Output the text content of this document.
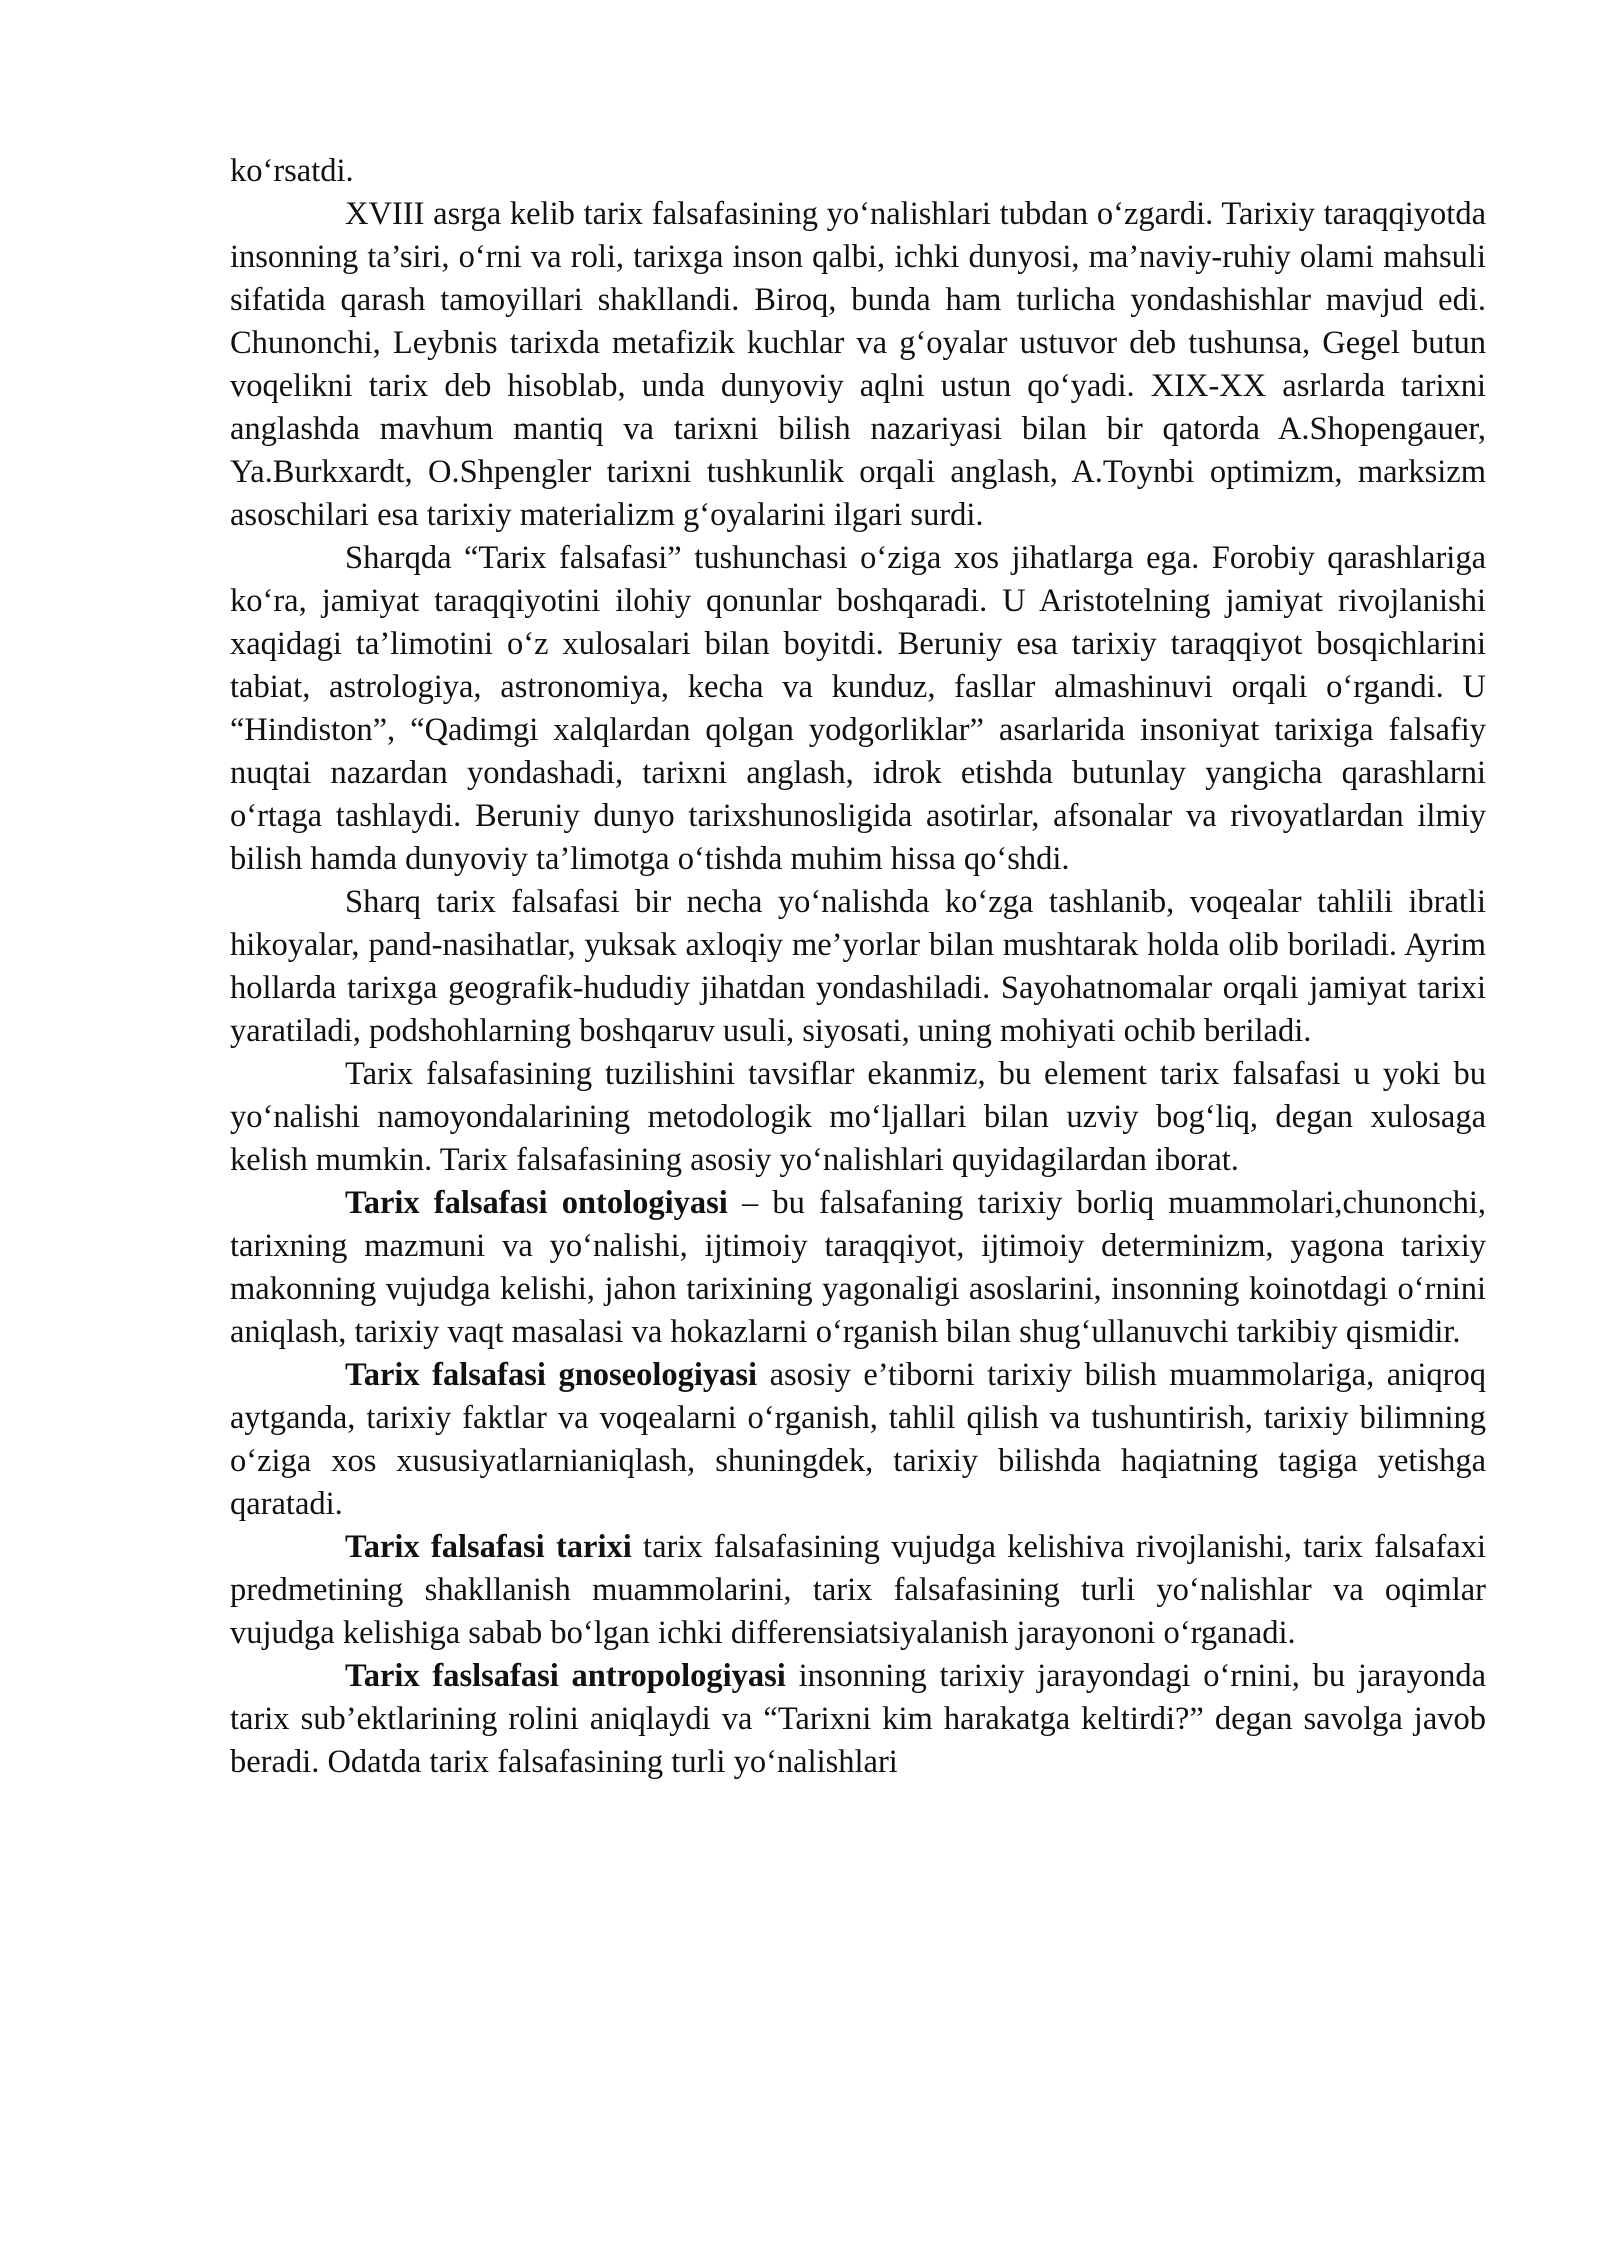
ko‘rsatdi.

XVIII asrga kelib tarix falsafasining yo‘nalishlari tubdan o‘zgardi. Tarixiy taraqqiyotda insonning ta’siri, o‘rni va roli, tarixga inson qalbi, ichki dunyosi, ma’naviy-ruhiy olami mahsuli sifatida qarash tamoyillari shakllandi. Biroq, bunda ham turlicha yondashishlar mavjud edi. Chunonchi, Leybnis tarixda metafizik kuchlar va g‘oyalar ustuvor deb tushunsa, Gegel butun voqelikni tarix deb hisoblab, unda dunyoviy aqlni ustun qo‘yadi. XIX-XX asrlarda tarixni anglashda mavhum mantiq va tarixni bilish nazariyasi bilan bir qatorda A.Shopengauer, Ya.Burkxardt, O.Shpengler tarixni tushkunlik orqali anglash, A.Toynbi optimizm, marksizm asoschilari esa tarixiy materializm g‘oyalarini ilgari surdi.

Sharqda “Tarix falsafasi” tushunchasi o‘ziga xos jihatlarga ega. Forobiy qarashlariga ko‘ra, jamiyat taraqqiyotini ilohiy qonunlar boshqaradi. U Aristotelning jamiyat rivojlanishi xaqidagi ta’limotini o‘z xulosalari bilan boyitdi. Beruniy esa tarixiy taraqqiyot bosqichlarini tabiat, astrologiya, astronomiya, kecha va kunduz, fasllar almashinuvi orqali o‘rgandi. U “Hindiston”, “Qadimgi xalqlardan qolgan yodgorliklar” asarlarida insoniyat tarixiga falsafiy nuqtai nazardan yondashadi, tarixni anglash, idrok etishda butunlay yangicha qarashlarni o‘rtaga tashlaydi. Beruniy dunyo tarixshunosligida asotirlar, afsonalar va rivoyatlardan ilmiy bilish hamda dunyoviy ta’limotga o‘tishda muhim hissa qo‘shdi.

Sharq tarix falsafasi bir necha yo‘nalishda ko‘zga tashlanib, voqealar tahlili ibratli hikoyalar, pand-nasihatlar, yuksak axloqiy me’yorlar bilan mushtarak holda olib boriladi. Ayrim hollarda tarixga geografik-hududiy jihatdan yondashiladi. Sayohatnomalar orqali jamiyat tarixi yaratiladi, podshohlarning boshqaruv usuli, siyosati, uning mohiyati ochib beriladi.

Tarix falsafasining tuzilishini tavsiflar ekanmiz, bu element tarix falsafasi u yoki bu yo‘nalishi namoyondalarining metodologik mo‘ljallari bilan uzviy bog‘liq, degan xulosaga kelish mumkin. Tarix falsafasining asosiy yo‘nalishlari quyidagilardan iborat.

Tarix falsafasi ontologiyasi – bu falsafaning tarixiy borliq muammolari,chunonchi, tarixning mazmuni va yo‘nalishi, ijtimoiy taraqqiyot, ijtimoiy determinizm, yagona tarixiy makonning vujudga kelishi, jahon tarixining yagonaligi asoslarini, insonning koinotdagi o‘rnini aniqlash, tarixiy vaqt masalasi va hokazlarni o‘rganish bilan shug‘ullanuvchi tarkibiy qismidir.

Tarix falsafasi gnoseologiyasi asosiy e’tiborni tarixiy bilish muammolariga, aniqroq aytganda, tarixiy faktlar va voqealarni o‘rganish, tahlil qilish va tushuntirish, tarixiy bilimning o‘ziga xos xususiyatlarnianiqlash, shuningdek, tarixiy bilishda haqiatning tagiga yetishga qaratadi.

Tarix falsafasi tarixi tarix falsafasining vujudga kelishiva rivojlanishi, tarix falsafaxi predmetining shakllanish muammolarini, tarix falsafasining turli yo‘nalishlar va oqimlar vujudga kelishiga sabab bo‘lgan ichki differensiatsiyalanish jarayononi o‘rganadi.

Tarix faslsafasi antropologiyasi insonning tarixiy jarayondagi o‘rnini, bu jarayonda tarix sub’ektlarining rolini aniqlaydi va “Tarixni kim harakatga keltirdi?” degan savolga javob beradi. Odatda tarix falsafasining turli yo‘nalishlari
